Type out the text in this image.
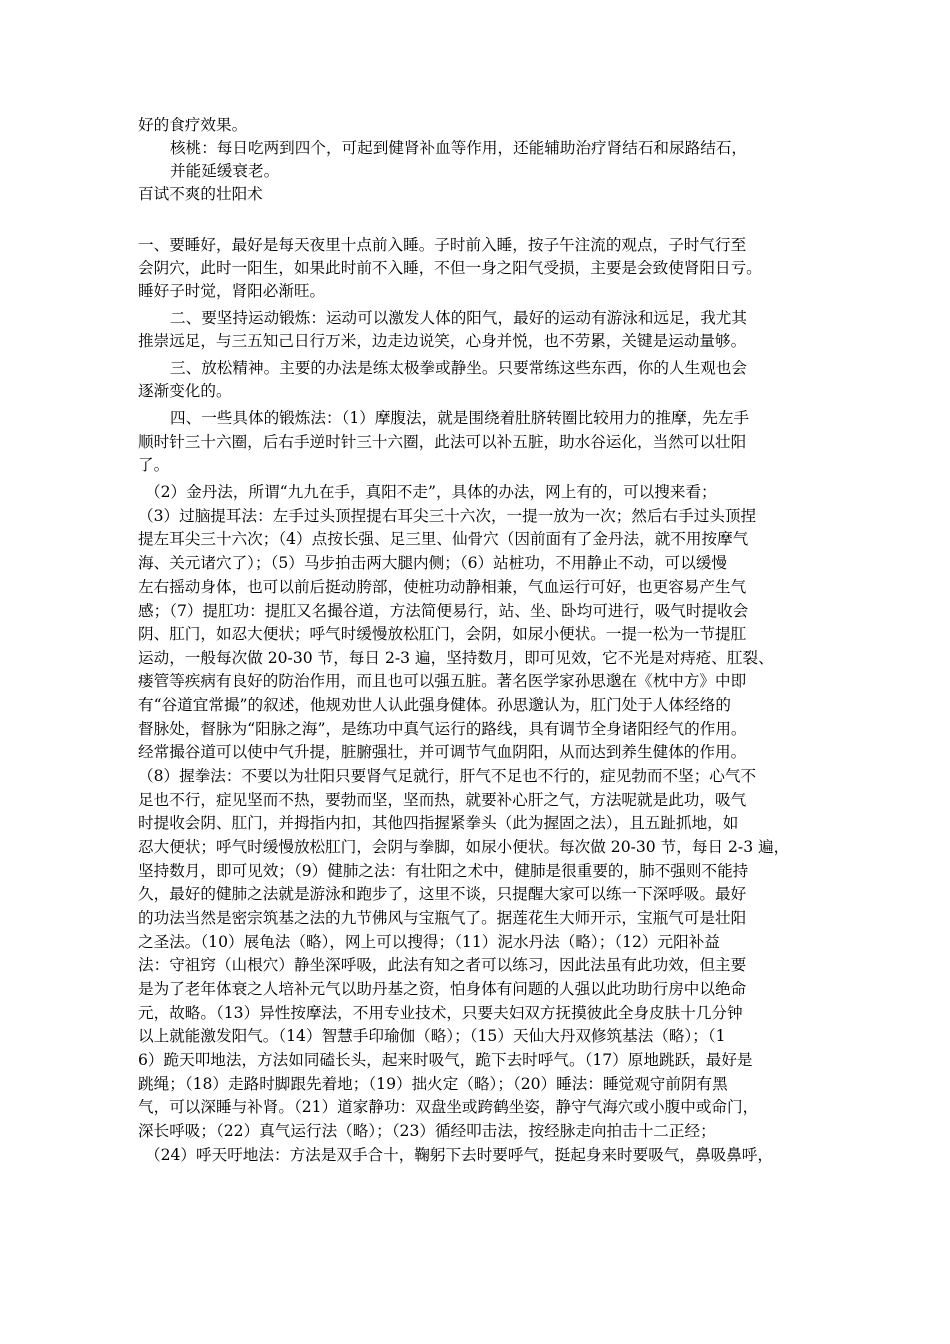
好的食疗效果。
核桃：每日吃两到四个，可起到健肾补血等作用，还能辅助治疗肾结石和尿路结石，
并能延缓衰老。
百试不爽的壮阳术
一、要睡好，最好是每天夜里十点前入睡。子时前入睡，按子午注流的观点，子时气行至
会阴穴，此时一阳生，如果此时前不入睡，不但一身之阳气受损，主要是会致使肾阳日亏。
睡好子时觉，肾阳必渐旺。
二、要坚持运动锻炼：运动可以激发人体的阳气，最好的运动有游泳和远足，我尤其
推崇远足，与三五知己日行万米，边走边说笑，心身并悦，也不劳累，关键是运动量够。
三、放松精神。主要的办法是练太极拳或静坐。只要常练这些东西，你的人生观也会
逐渐变化的。
四、一些具体的锻炼法：（1）摩腹法，就是围绕着肚脐转圈比较用力的推摩，先左手
顺时针三十六圈，后右手逆时针三十六圈，此法可以补五脏，助水谷运化，当然可以壮阳
了。
（2）金丹法，所谓“九九在手，真阳不走”，具体的办法，网上有的，可以搜来看；
（3）过脑提耳法：左手过头顶捏提右耳尖三十六次，一提一放为一次；然后右手过头顶捏
提左耳尖三十六次；（4）点按长强、足三里、仙骨穴（因前面有了金丹法，就不用按摩气
海、关元诸穴了）；（5）马步拍击两大腿内侧；（6）站桩功，不用静止不动，可以缓慢
左右摇动身体，也可以前后挺动胯部，使桩功动静相兼，气血运行可好，也更容易产生气
感；（7）提肛功：提肛又名撮谷道，方法简便易行，站、坐、卧均可进行，吸气时提收会
阴、肛门，如忍大便状；呼气时缓慢放松肛门，会阴，如尿小便状。一提一松为一节提肛
运动，一般每次做 20-30 节，每日 2-3 遍，坚持数月，即可见效，它不光是对痔疮、肛裂、
瘘管等疾病有良好的防治作用，而且也可以强五脏。著名医学家孙思邈在《枕中方》中即
有“谷道宜常撮”的叙述，他规劝世人认此强身健体。孙思邈认为，肛门处于人体经络的
督脉处，督脉为“阳脉之海”，是练功中真气运行的路线，具有调节全身诸阳经气的作用。
经常撮谷道可以使中气升提，脏腑强壮，并可调节气血阴阳，从而达到养生健体的作用。
（8）握拳法：不要以为壮阳只要肾气足就行，肝气不足也不行的，症见勃而不坚；心气不
足也不行，症见坚而不热，要勃而坚，坚而热，就要补心肝之气，方法呢就是此功，吸气
时提收会阴、肛门，并拇指内扣，其他四指握紧拳头（此为握固之法），且五趾抓地，如
忍大便状；呼气时缓慢放松肛门，会阴与拳脚，如尿小便状。每次做 20-30 节，每日 2-3 遍，
坚持数月，即可见效；（9）健肺之法：有壮阳之术中，健肺是很重要的，肺不强则不能持
久，最好的健肺之法就是游泳和跑步了，这里不谈，只提醒大家可以练一下深呼吸。最好
的功法当然是密宗筑基之法的九节佛风与宝瓶气了。据莲花生大师开示，宝瓶气可是壮阳
之圣法。（10）展龟法（略），网上可以搜得；（11）泥水丹法（略）；（12）元阳补益
法：守祖窍（山根穴）静坐深呼吸，此法有知之者可以练习，因此法虽有此功效，但主要
是为了老年体衰之人培补元气以助丹基之资，怕身体有问题的人强以此功助行房中以绝命
元，故略。（13）异性按摩法，不用专业技术，只要夫妇双方抚摸彼此全身皮肤十几分钟
以上就能激发阳气。（14）智慧手印瑜伽（略）；（15）天仙大丹双修筑基法（略）；（1
6）跪天叩地法，方法如同磕长头，起来时吸气，跪下去时呼气。（17）原地跳跃，最好是
跳绳；（18）走路时脚跟先着地；（19）拙火定（略）；（20）睡法：睡觉观守前阴有黑
气，可以深睡与补肾。（21）道家静功：双盘坐或跨鹤坐姿，静守气海穴或小腹中或命门，
深长呼吸；（22）真气运行法（略）；（23）循经叩击法，按经脉走向拍击十二正经；
（24）呼天吁地法：方法是双手合十，鞠躬下去时要呼气，挺起身来时要吸气，鼻吸鼻呼，
